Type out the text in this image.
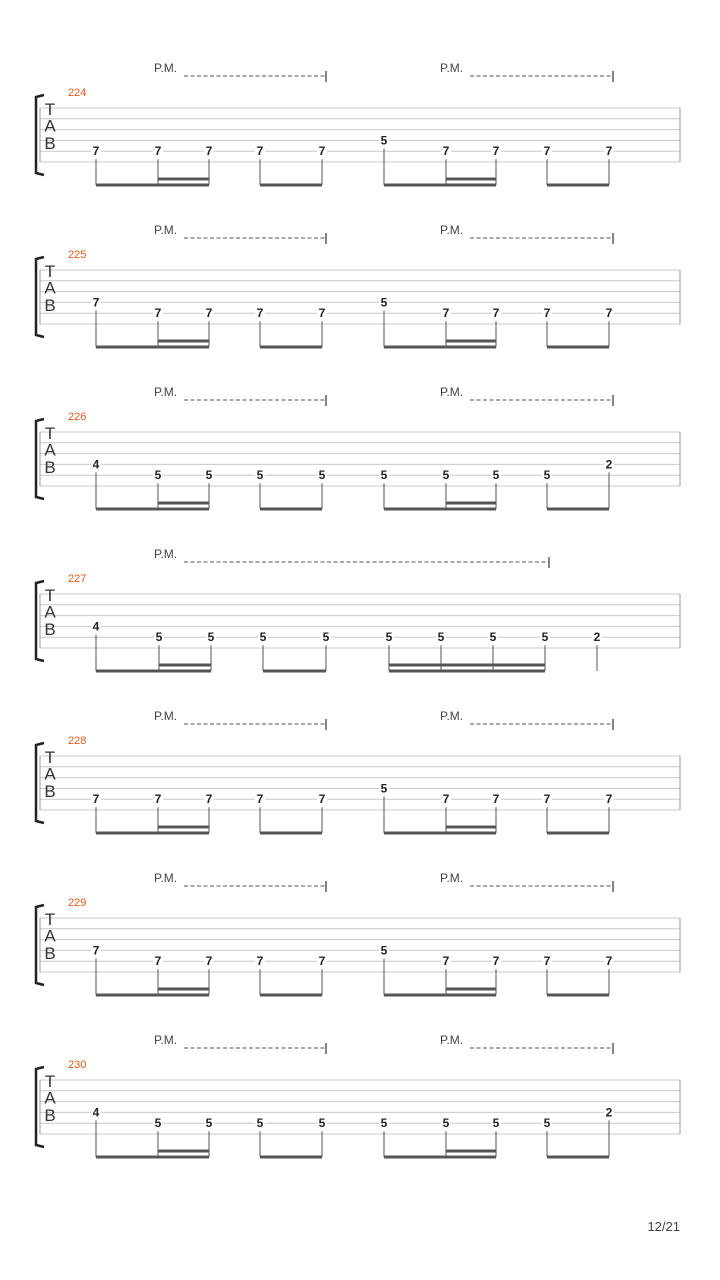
T
A
B
224
P.M.	P.M.
7	7	7	7	7
5
7	7	7	7
T
A
B
225
P.M.	P.M.
7
7	7	7	7
5
7	7	7	7
T
A
B
226
P.M.	P.M.
4
5	5	5	5	5	5	5	5
2
T
A
B
227
P.M.
4
5	5	5	5	5	5	5	5	2
T
A
B
228
P.M.	P.M.
7	7	7	7	7
5
7	7	7	7
T
A
B
229
P.M.	P.M.
7
7	7	7	7
5
7	7	7	7
T
A
B
230
P.M.	P.M.
4
5	5	5	5	5	5	5	5
2
12/21
